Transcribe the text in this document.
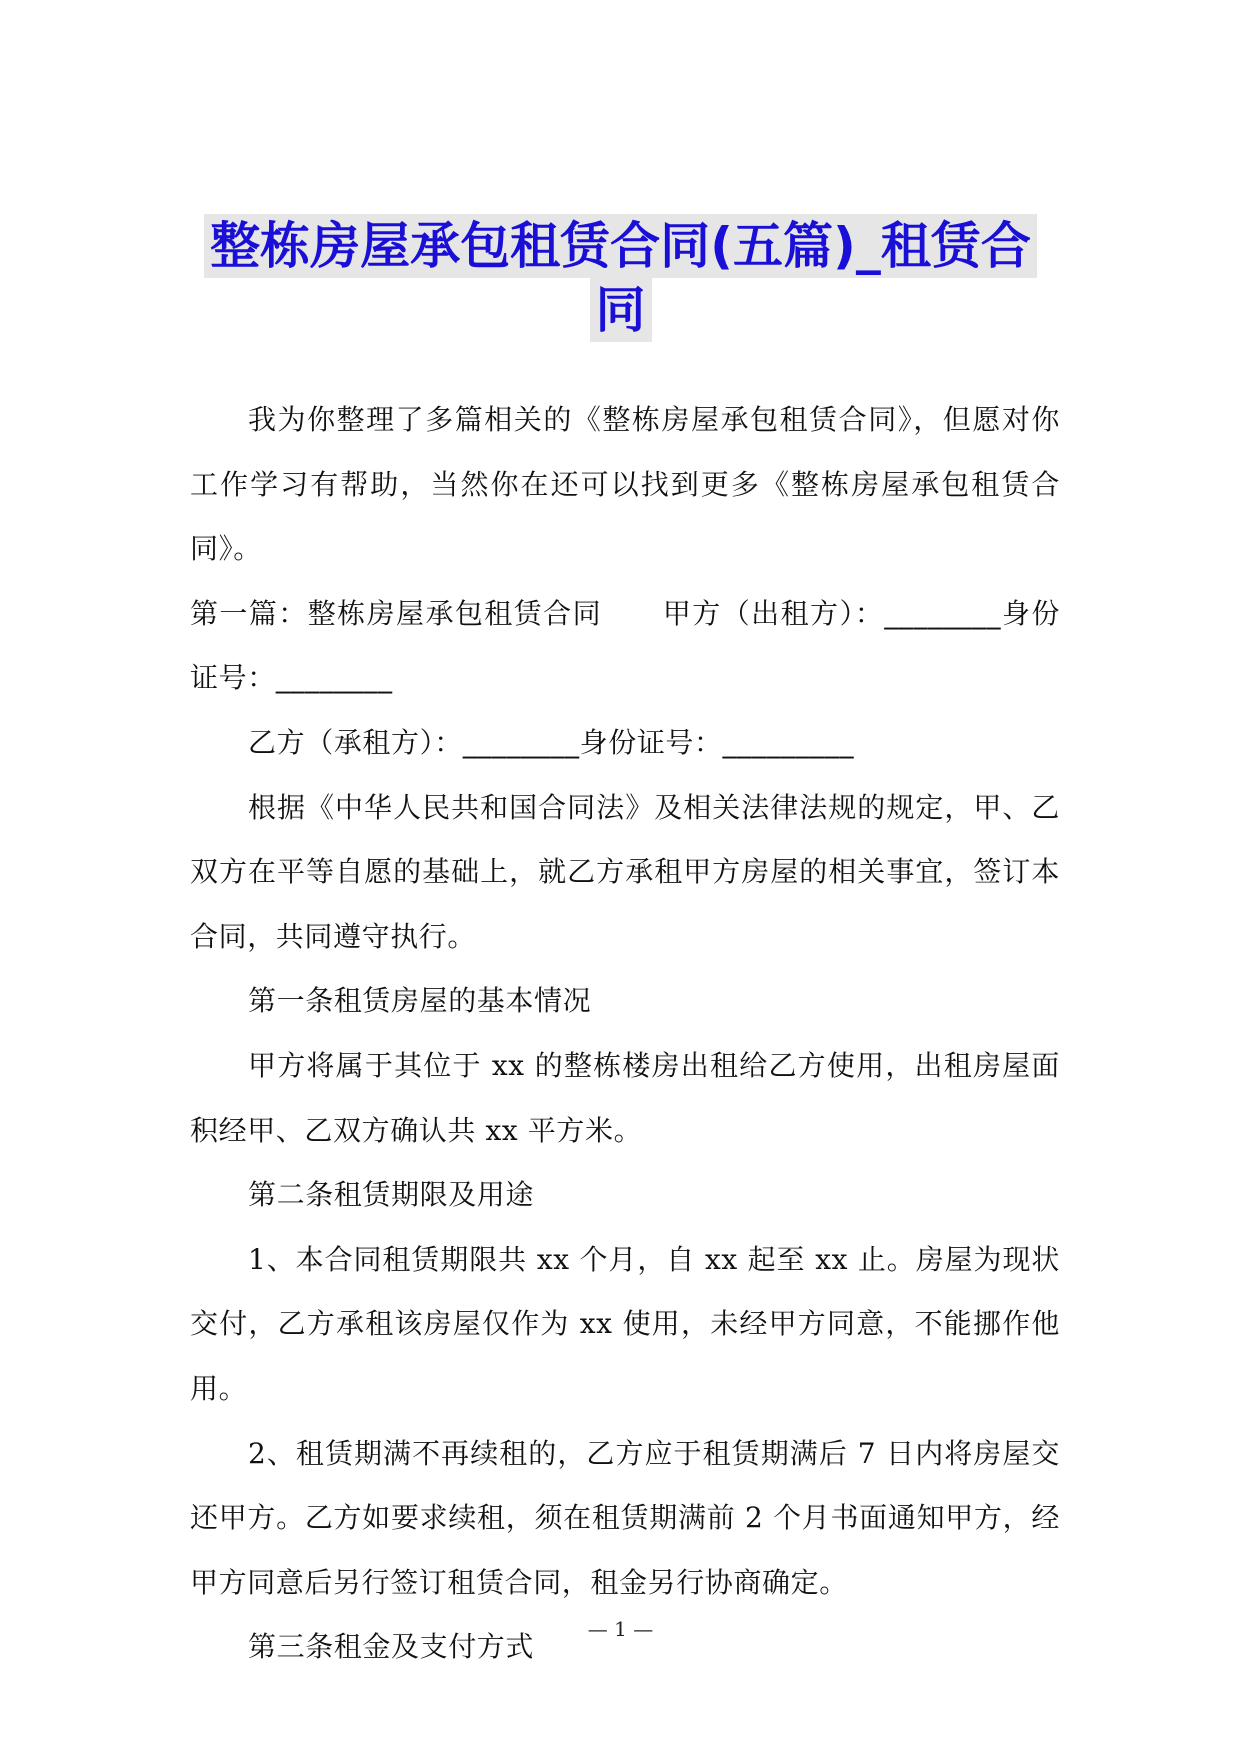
整栋房屋承包租赁合同(五篇)_租赁合
同

我为你整理了多篇相关的《整栋房屋承包租赁合同》，但愿对你工作学习有帮助，当然你在还可以找到更多《整栋房屋承包租赁合同》。

第一篇：整栋房屋承包租赁合同 甲方（出租方）：________身份证号：________

乙方（承租方）：________身份证号：_________

根据《中华人民共和国合同法》及相关法律法规的规定，甲、乙双方在平等自愿的基础上，就乙方承租甲方房屋的相关事宜，签订本合同，共同遵守执行。

第一条租赁房屋的基本情况

甲方将属于其位于 xx 的整栋楼房出租给乙方使用，出租房屋面积经甲、乙双方确认共 xx 平方米。

第二条租赁期限及用途

1、本合同租赁期限共 xx 个月，自 xx 起至 xx 止。房屋为现状交付，乙方承租该房屋仅作为 xx 使用，未经甲方同意，不能挪作他用。

2、租赁期满不再续租的，乙方应于租赁期满后 7 日内将房屋交还甲方。乙方如要求续租，须在租赁期满前 2 个月书面通知甲方，经甲方同意后另行签订租赁合同，租金另行协商确定。

第三条租金及支付方式

— 1 —
